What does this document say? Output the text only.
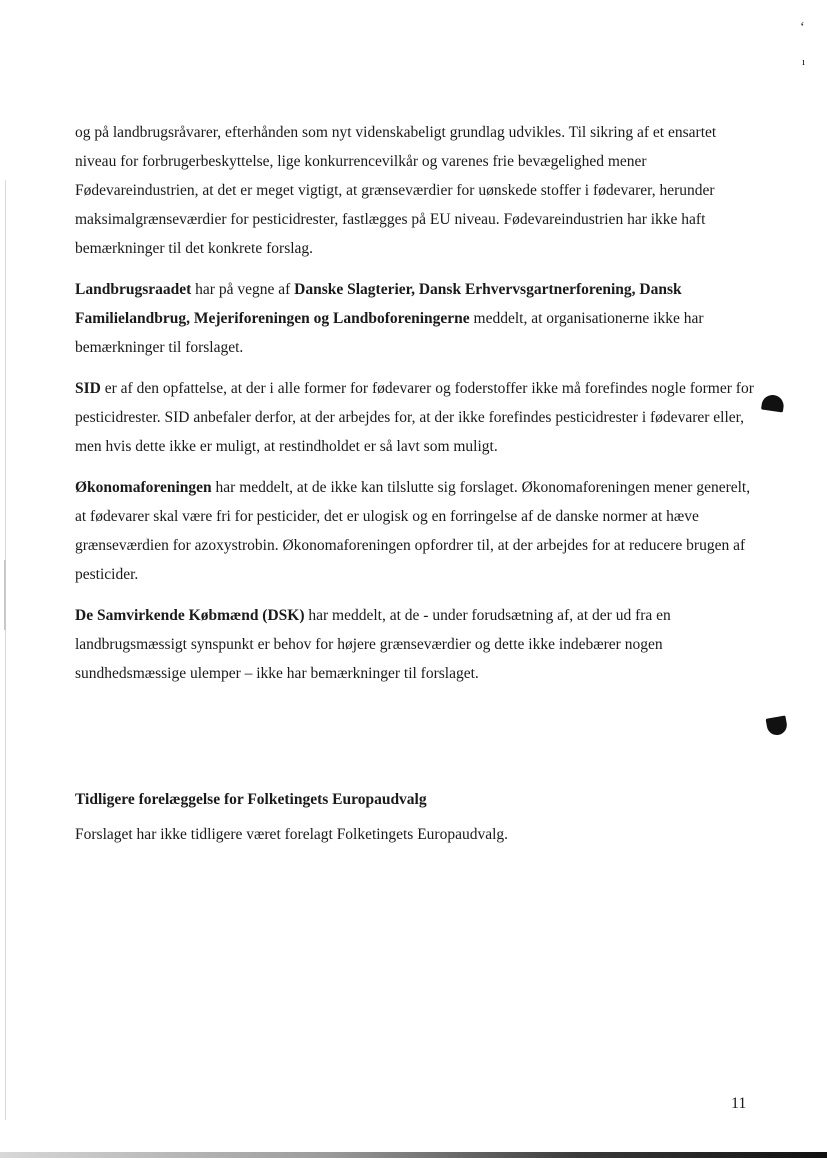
ʻ
ı

og på landbrugsråvarer, efterhånden som nyt videnskabeligt grundlag udvikles. Til sikring af et ensartet niveau for forbrugerbeskyttelse, lige konkurrencevilkår og varenes frie bevægelighed mener Fødevareindustrien, at det er meget vigtigt, at grænseværdier for uønskede stoffer i fødevarer, herunder maksimalgrænseværdier for pesticidrester, fastlægges på EU niveau. Fødevareindustrien har ikke haft bemærkninger til det konkrete forslag.

Landbrugsraadet har på vegne af Danske Slagterier, Dansk Erhvervsgartnerforening, Dansk Familielandbrug, Mejeriforeningen og Landboforeningerne meddelt, at organisationerne ikke har bemærkninger til forslaget.

SID er af den opfattelse, at der i alle former for fødevarer og foderstoffer ikke må forefindes nogle former for pesticidrester. SID anbefaler derfor, at der arbejdes for, at der ikke forefindes pesticidrester i fødevarer eller, men hvis dette ikke er muligt, at restindholdet er så lavt som muligt.

Økonomaforeningen har meddelt, at de ikke kan tilslutte sig forslaget. Økonomaforeningen mener generelt, at fødevarer skal være fri for pesticider, det er ulogisk og en forringelse af de danske normer at hæve grænseværdien for azoxystrobin. Økonomaforeningen opfordrer til, at der arbejdes for at reducere brugen af pesticider.

De Samvirkende Købmænd (DSK) har meddelt, at de - under forudsætning af, at der ud fra en landbrugsmæssigt synspunkt er behov for højere grænseværdier og dette ikke indebærer nogen sundhedsmæssige ulemper – ikke har bemærkninger til forslaget.

Tidligere forelæggelse for Folketingets Europaudvalg

Forslaget har ikke tidligere været forelagt Folketingets Europaudvalg.

11
